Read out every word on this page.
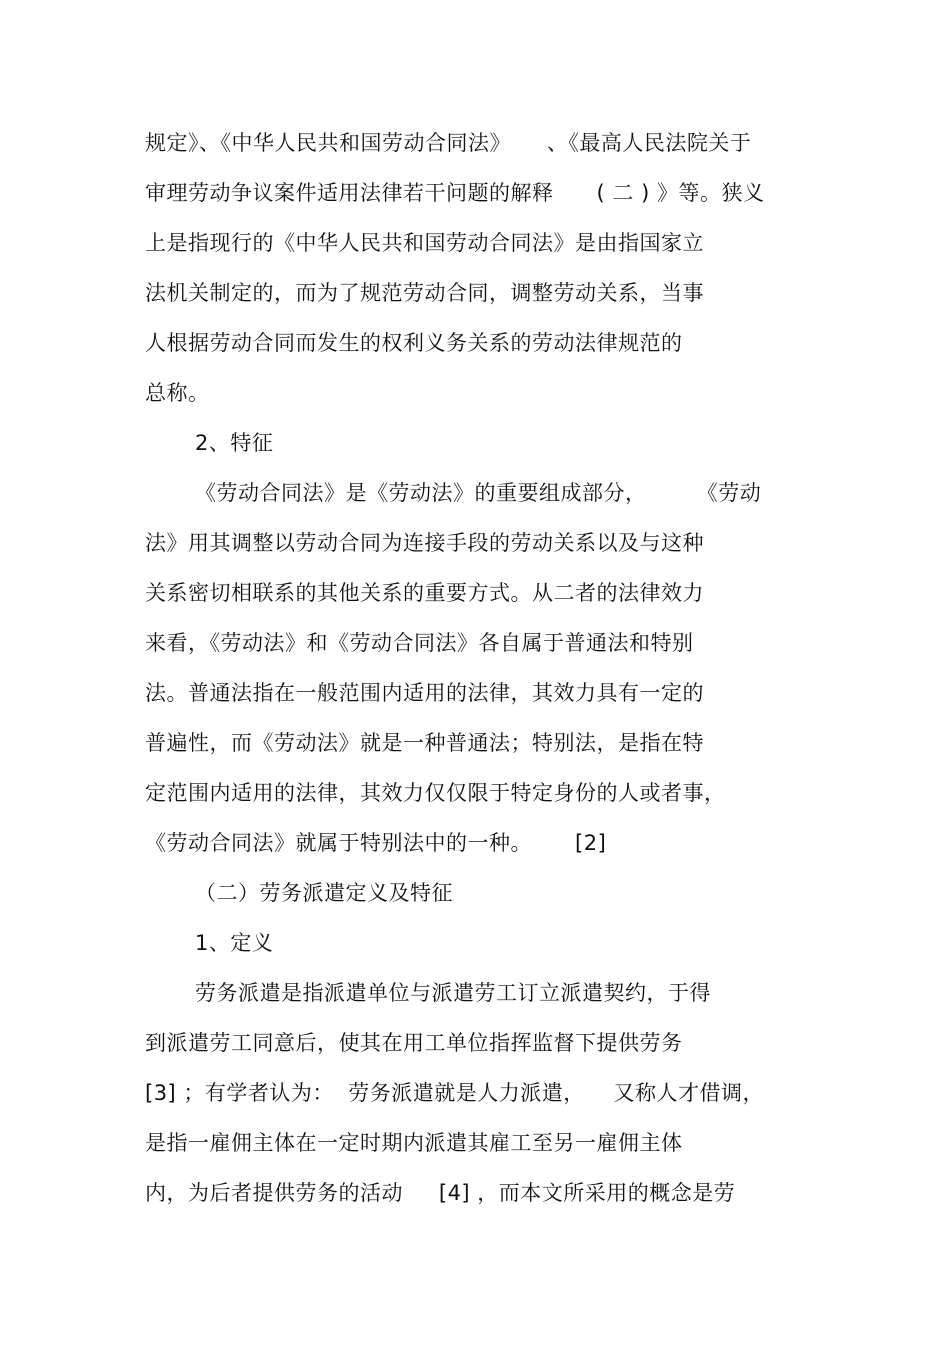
规定》、《中华人民共和国劳动合同法》     、《最高人民法院关于
审理劳动争议案件适用法律若干问题的解释      ( 二 ) 》等。狭义
上是指现行的《中华人民共和国劳动合同法》是由指国家立
法机关制定的，而为了规范劳动合同，调整劳动关系，当事
人根据劳动合同而发生的权利义务关系的劳动法律规范的
总称。
2、特征
《劳动合同法》是《劳动法》的重要组成部分，       《劳动
法》用其调整以劳动合同为连接手段的劳动关系以及与这种
关系密切相联系的其他关系的重要方式。从二者的法律效力
来看，《劳动法》和《劳动合同法》各自属于普通法和特别
法。普通法指在一般范围内适用的法律，其效力具有一定的
普遍性，而《劳动法》就是一种普通法；特别法，是指在特
定范围内适用的法律，其效力仅仅限于特定身份的人或者事，
《劳动合同法》就属于特别法中的一种。      [2]
（二）劳务派遣定义及特征
1、定义
劳务派遣是指派遣单位与派遣劳工订立派遣契约，于得
到派遣劳工同意后，使其在用工单位指挥监督下提供劳务
[3] ；有学者认为：  劳务派遣就是人力派遣，    又称人才借调，
是指一雇佣主体在一定时期内派遣其雇工至另一雇佣主体
内，为后者提供劳务的活动     [4] ，而本文所采用的概念是劳
